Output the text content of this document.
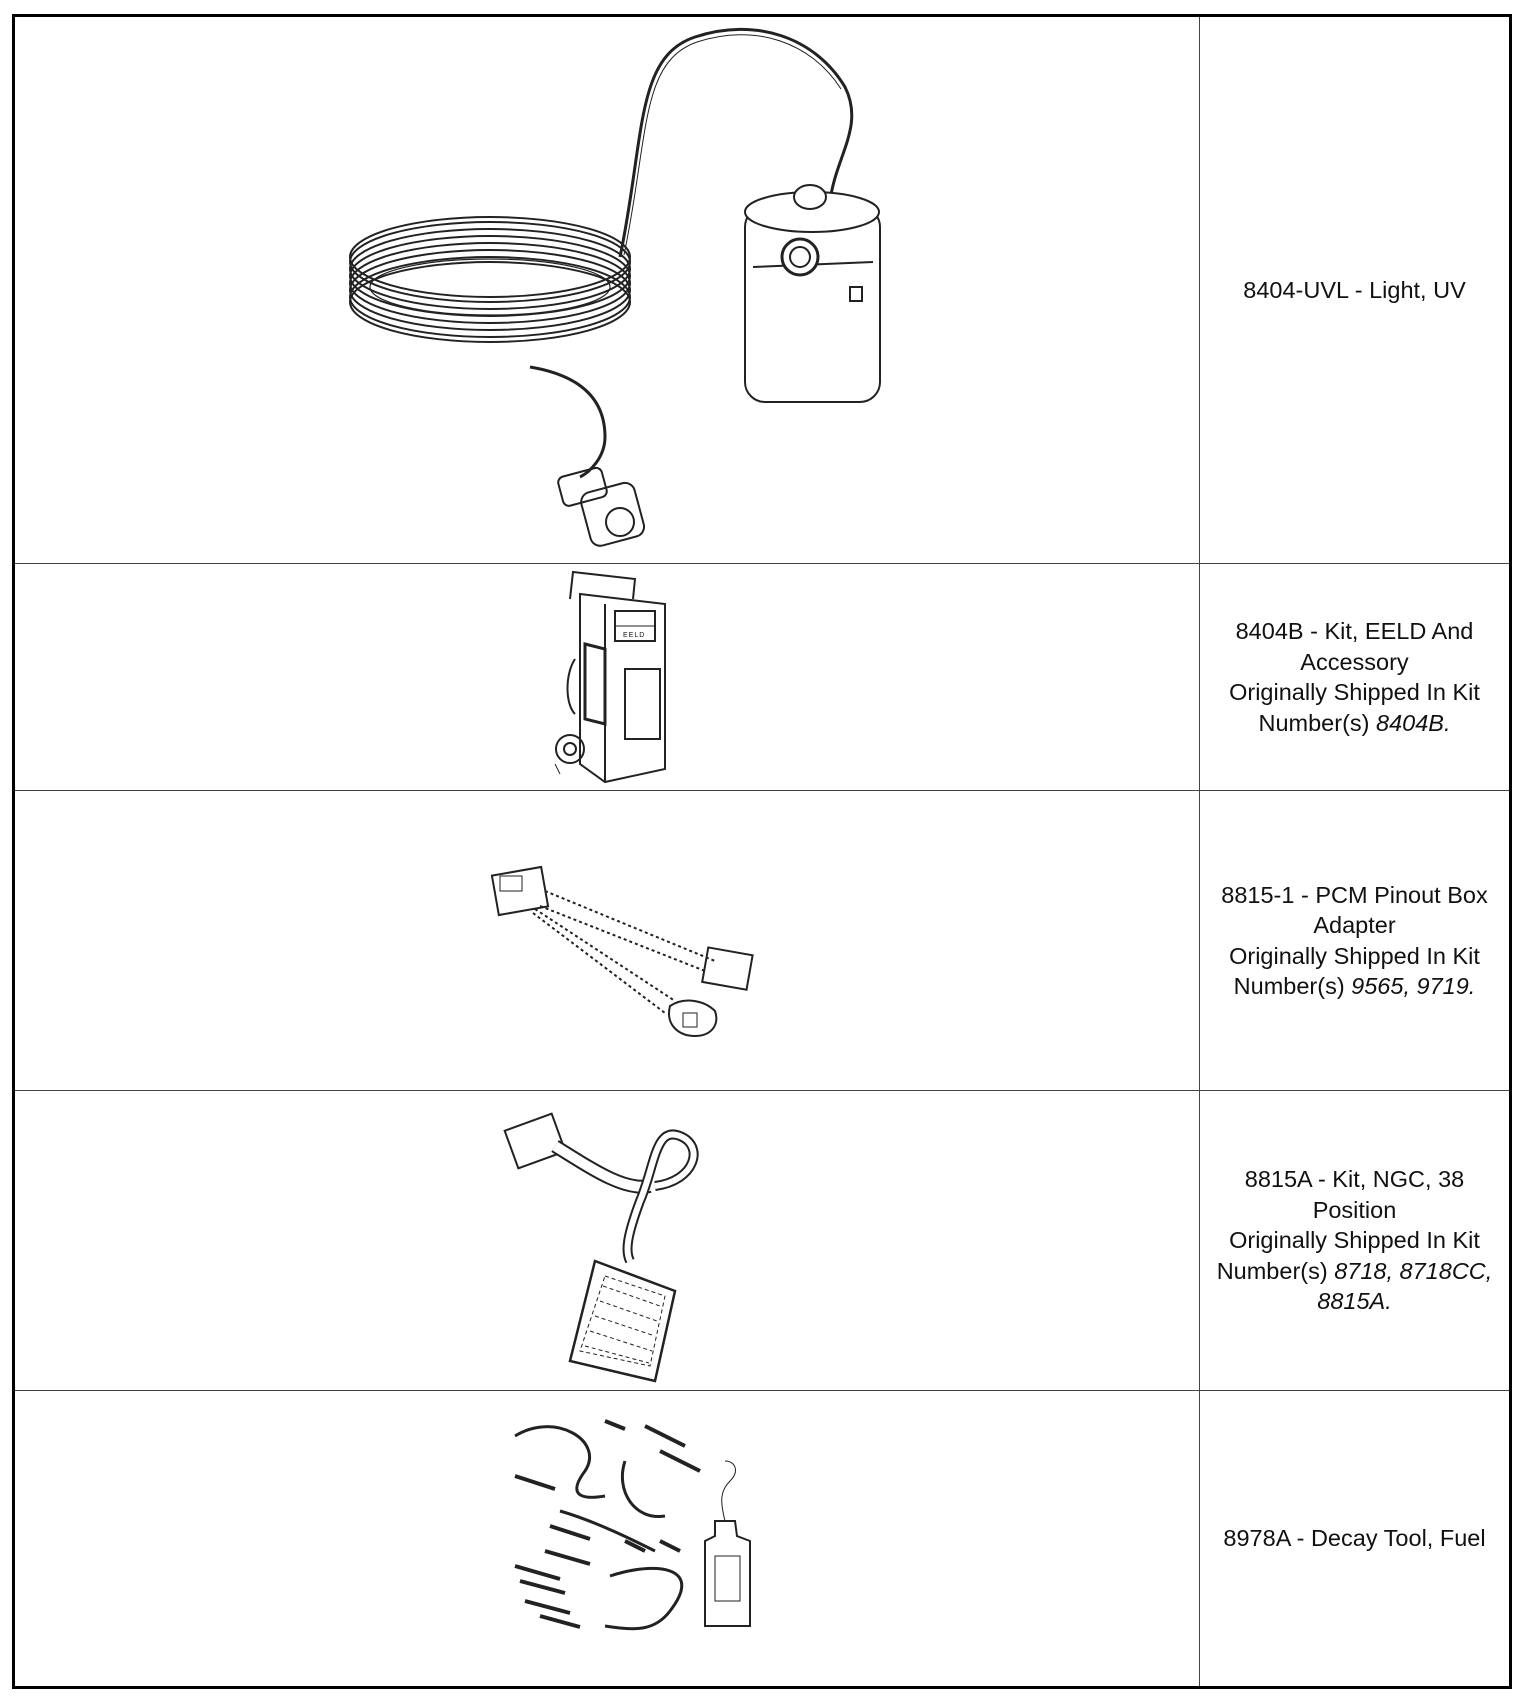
8404-UVL - Light, UV
EELD	8404B - Kit, EELD And Accessory
Originally Shipped In Kit Number(s) 8404B.
8815-1 - PCM Pinout Box Adapter
Originally Shipped In Kit Number(s) 9565, 9719.
8815A - Kit, NGC, 38 Position
Originally Shipped In Kit Number(s) 8718, 8718CC, 8815A.
8978A - Decay Tool, Fuel
